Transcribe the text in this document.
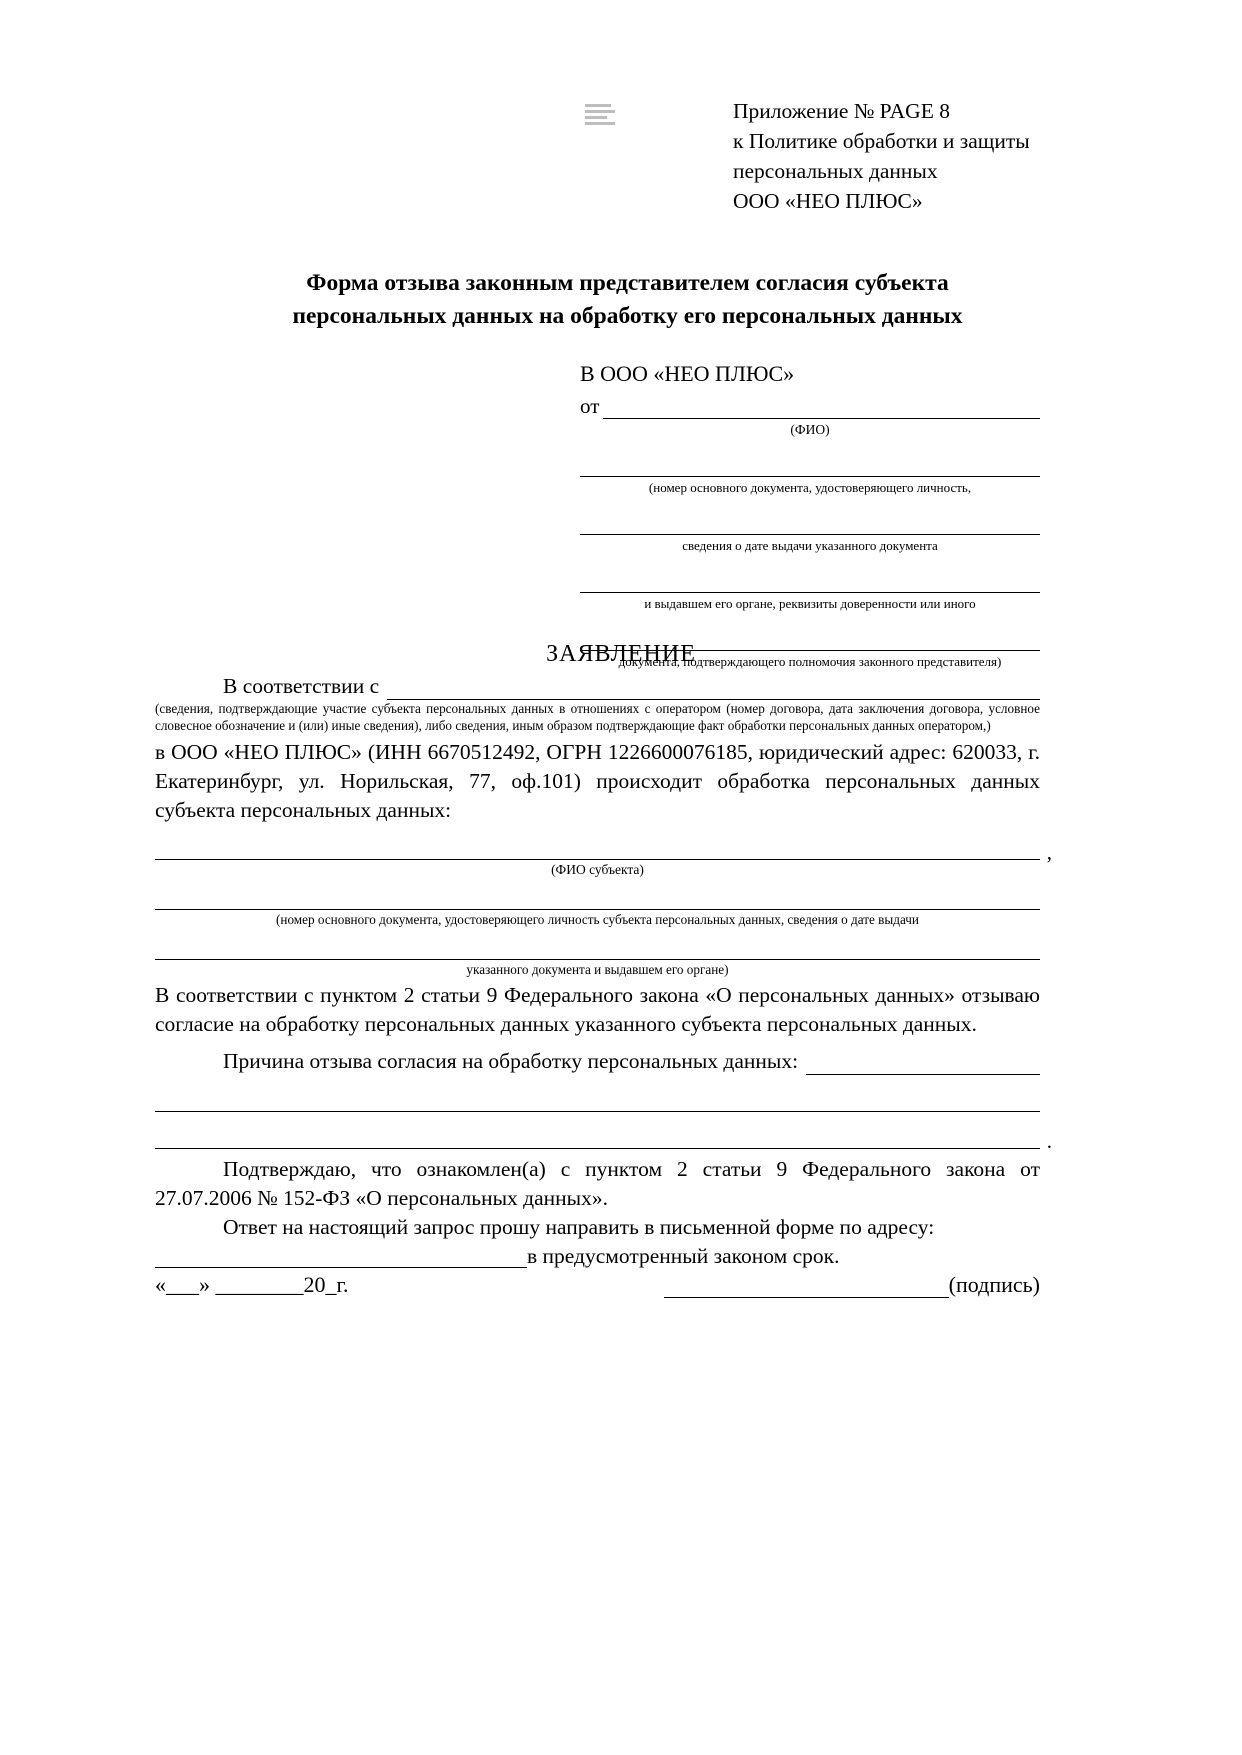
Приложение № PAGE 8
к Политике обработки и защиты
персональных данных
ООО «НЕО ПЛЮС»
Форма отзыва законным представителем согласия субъекта
персональных данных на обработку его персональных данных
В ООО «НЕО ПЛЮС»
от
(ФИО)
(номер основного документа, удостоверяющего личность,
сведения о дате выдачи указанного документа
и выдавшем его органе, реквизиты доверенности или иного
документа, подтверждающего полномочия законного представителя)
ЗАЯВЛЕНИЕ
В соответствии с
(сведения, подтверждающие участие субъекта персональных данных в отношениях с оператором (номер договора, дата заключения договора, условное словесное обозначение и (или) иные сведения), либо сведения, иным образом подтверждающие факт обработки персональных данных оператором,)
в ООО «НЕО ПЛЮС» (ИНН 6670512492, ОГРН 1226600076185, юридический адрес: 620033, г. Екатеринбург, ул. Норильская, 77, оф.101) происходит обработка персональных данных субъекта персональных данных:
,
(ФИО субъекта)
(номер основного документа, удостоверяющего личность субъекта персональных данных, сведения о дате выдачи
указанного документа и выдавшем его органе)
В соответствии с пунктом 2 статьи 9 Федерального закона «О персональных данных» отзываю согласие на обработку персональных данных указанного субъекта персональных данных.
Причина отзыва согласия на обработку персональных данных:
.
Подтверждаю, что ознакомлен(а) с пунктом 2 статьи 9 Федерального закона от 27.07.2006 № 152-ФЗ «О персональных данных».
Ответ на настоящий запрос прошу направить в письменной форме по адресу:
в предусмотренный законом срок.
«___» ________20_г.	(подпись)
